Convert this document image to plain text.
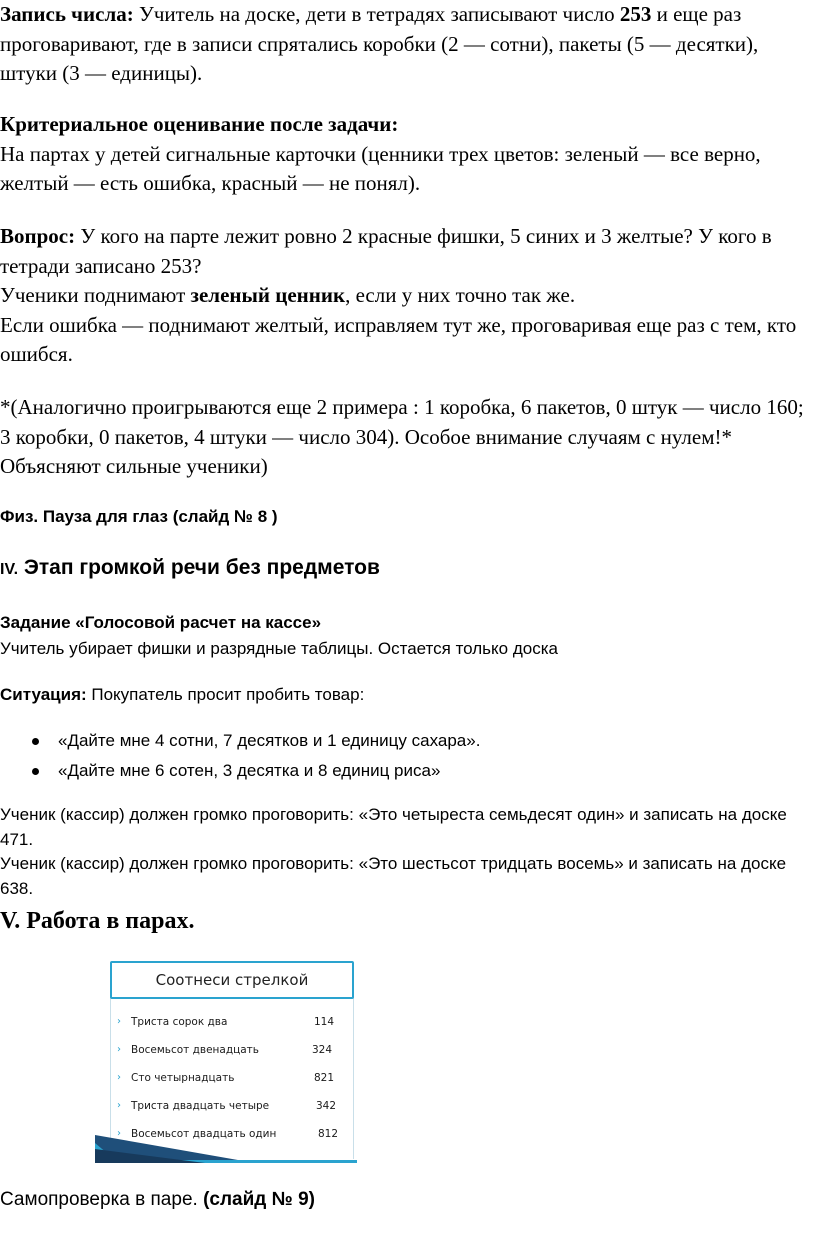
Запись числа: Учитель на доске, дети в тетрадях записывают число 253 и еще раз проговаривают, где в записи спрятались коробки (2 — сотни), пакеты (5 — десятки), штуки (3 — единицы).

Критериальное оценивание после задачи:
На партах у детей сигнальные карточки (ценники трех цветов: зеленый — все верно, желтый — есть ошибка, красный — не понял).

Вопрос: У кого на парте лежит ровно 2 красные фишки, 5 синих и 3 желтые? У кого в тетради записано 253?
Ученики поднимают зеленый ценник, если у них точно так же.
Если ошибка — поднимают желтый, исправляем тут же, проговаривая еще раз с тем, кто ошибся.

*(Аналогично проигрываются еще 2 примера : 1 коробка, 6 пакетов, 0 штук — число 160; 3 коробки, 0 пакетов, 4 штуки — число 304). Особое внимание случаям с нулем!* Объясняют сильные ученики)

Физ. Пауза для глаз (слайд № 8 )

IV. Этап громкой речи без предметов

Задание «Голосовой расчет на кассе»

Учитель убирает фишки и разрядные таблицы. Остается только доска

Ситуация: Покупатель просит пробить товар:

«Дайте мне 4 сотни, 7 десятков и 1 единицу сахара».
«Дайте мне 6 сотен, 3 десятка и 8 единиц риса»

Ученик (кассир) должен громко проговорить: «Это четыреста семьдесят один» и записать на доске 471.

Ученик (кассир) должен громко проговорить: «Это шестьсот тридцать восемь» и записать на доске 638.

V. Работа в парах.

› Триста сорок два	114
› Восемьсот двенадцать	324
› Сто четырнадцать	821
› Триста двадцать четыре	342
› Восемьсот двадцать один	812
Соотнеси стрелкой

Самопроверка в паре. (слайд № 9)
